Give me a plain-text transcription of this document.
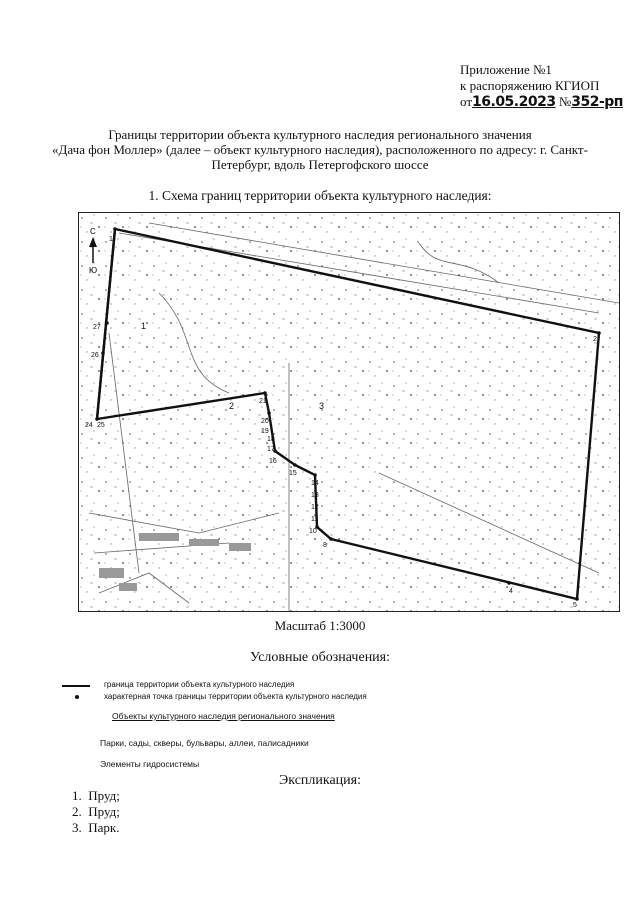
Приложение №1
к распоряжению КГИОП
от16.05.2023 №352-рп
Границы территории объекта культурного наследия регионального значения
«Дача фон Моллер» (далее – объект культурного наследия), расположенного по адресу: г. Санкт-
Петербург, вдоль Петергофского шоссе
1. Схема границ территории объекта культурного наследия:
С
Ю
1
2
4
5
8
10
11
12
13
14
15
16
17
18
19
20
21
24 25
26
27	1
2	3
Масштаб 1:3000
Условные обозначения:
граница территории объекта культурного наследия
характерная точка границы территории объекта культурного наследия
Объекты культурного наследия регионального значения
Парки, сады, скверы, бульвары, аллеи, палисадники
Элементы гидросистемы
Экспликация:
1.  Пруд;
2.  Пруд;
3.  Парк.
